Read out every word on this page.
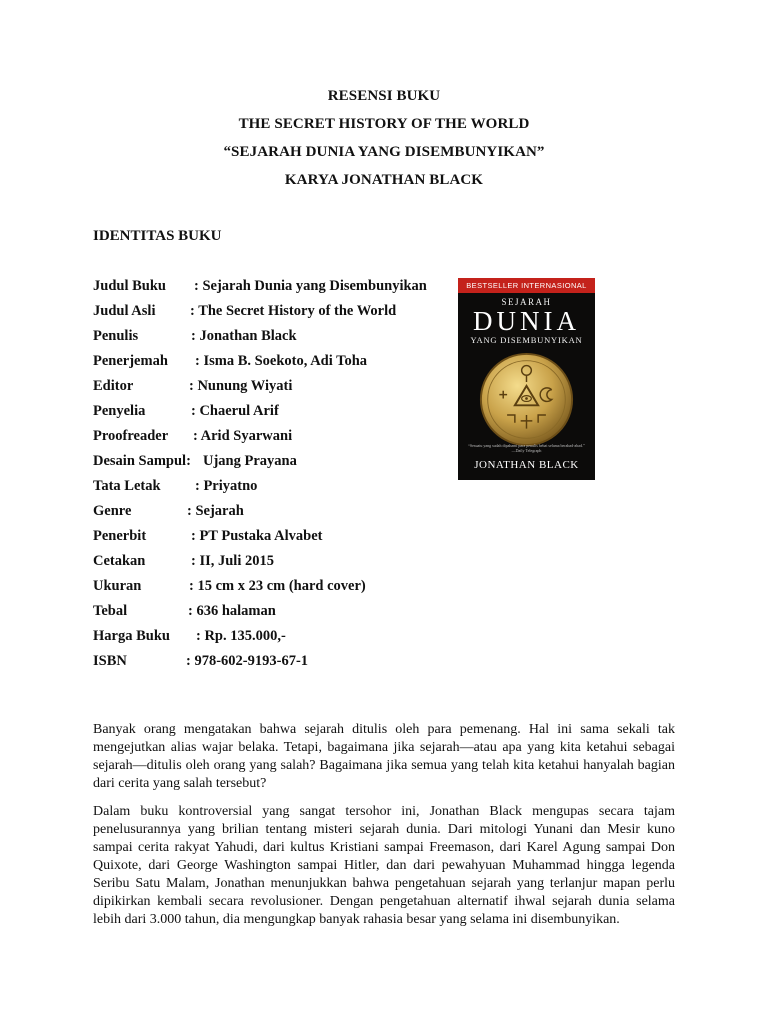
RESENSI BUKU
THE SECRET HISTORY OF THE WORLD
“SEJARAH DUNIA YANG DISEMBUNYIKAN”
KARYA JONATHAN BLACK
IDENTITAS BUKU
Judul Buku : Sejarah Dunia yang Disembunyikan
Judul Asli : The Secret History of the World
Penulis	: Jonathan Black
Penerjemah : Isma B. Soekoto, Adi Toha
Editor	: Nunung Wiyati
Penyelia	: Chaerul Arif
Proofreader : Arid Syarwani
Desain Sampul: Ujang Prayana
Tata Letak : Priyatno
Genre	: Sejarah
Penerbit	: PT Pustaka Alvabet
Cetakan	: II, Juli 2015
Ukuran	: 15 cm x 23 cm (hard cover)
Tebal	: 636 halaman
Harga Buku : Rp. 135.000,-
ISBN	: 978-602-9193-67-1
BESTSELLER INTERNASIONAL
SEJARAH
DUNIA
YANG DISEMBUNYIKAN
“Sesuatu yang sudah dipahami para penulis hebat selama berabad-abad.” —Daily Telegraph
JONATHAN BLACK

Banyak orang mengatakan bahwa sejarah ditulis oleh para pemenang. Hal ini sama sekali tak mengejutkan alias wajar belaka. Tetapi, bagaimana jika sejarah—atau apa yang kita ketahui sebagai sejarah—ditulis oleh orang yang salah? Bagaimana jika semua yang telah kita ketahui hanyalah bagian dari cerita yang salah tersebut?

Dalam buku kontroversial yang sangat tersohor ini, Jonathan Black mengupas secara tajam penelusurannya yang brilian tentang misteri sejarah dunia. Dari mitologi Yunani dan Mesir kuno sampai cerita rakyat Yahudi, dari kultus Kristiani sampai Freemason, dari Karel Agung sampai Don Quixote, dari George Washington sampai Hitler, dan dari pewahyuan Muhammad hingga legenda Seribu Satu Malam, Jonathan menunjukkan bahwa pengetahuan sejarah yang terlanjur mapan perlu dipikirkan kembali secara revolusioner. Dengan pengetahuan alternatif ihwal sejarah dunia selama lebih dari 3.000 tahun, dia mengungkap banyak rahasia besar yang selama ini disembunyikan.
